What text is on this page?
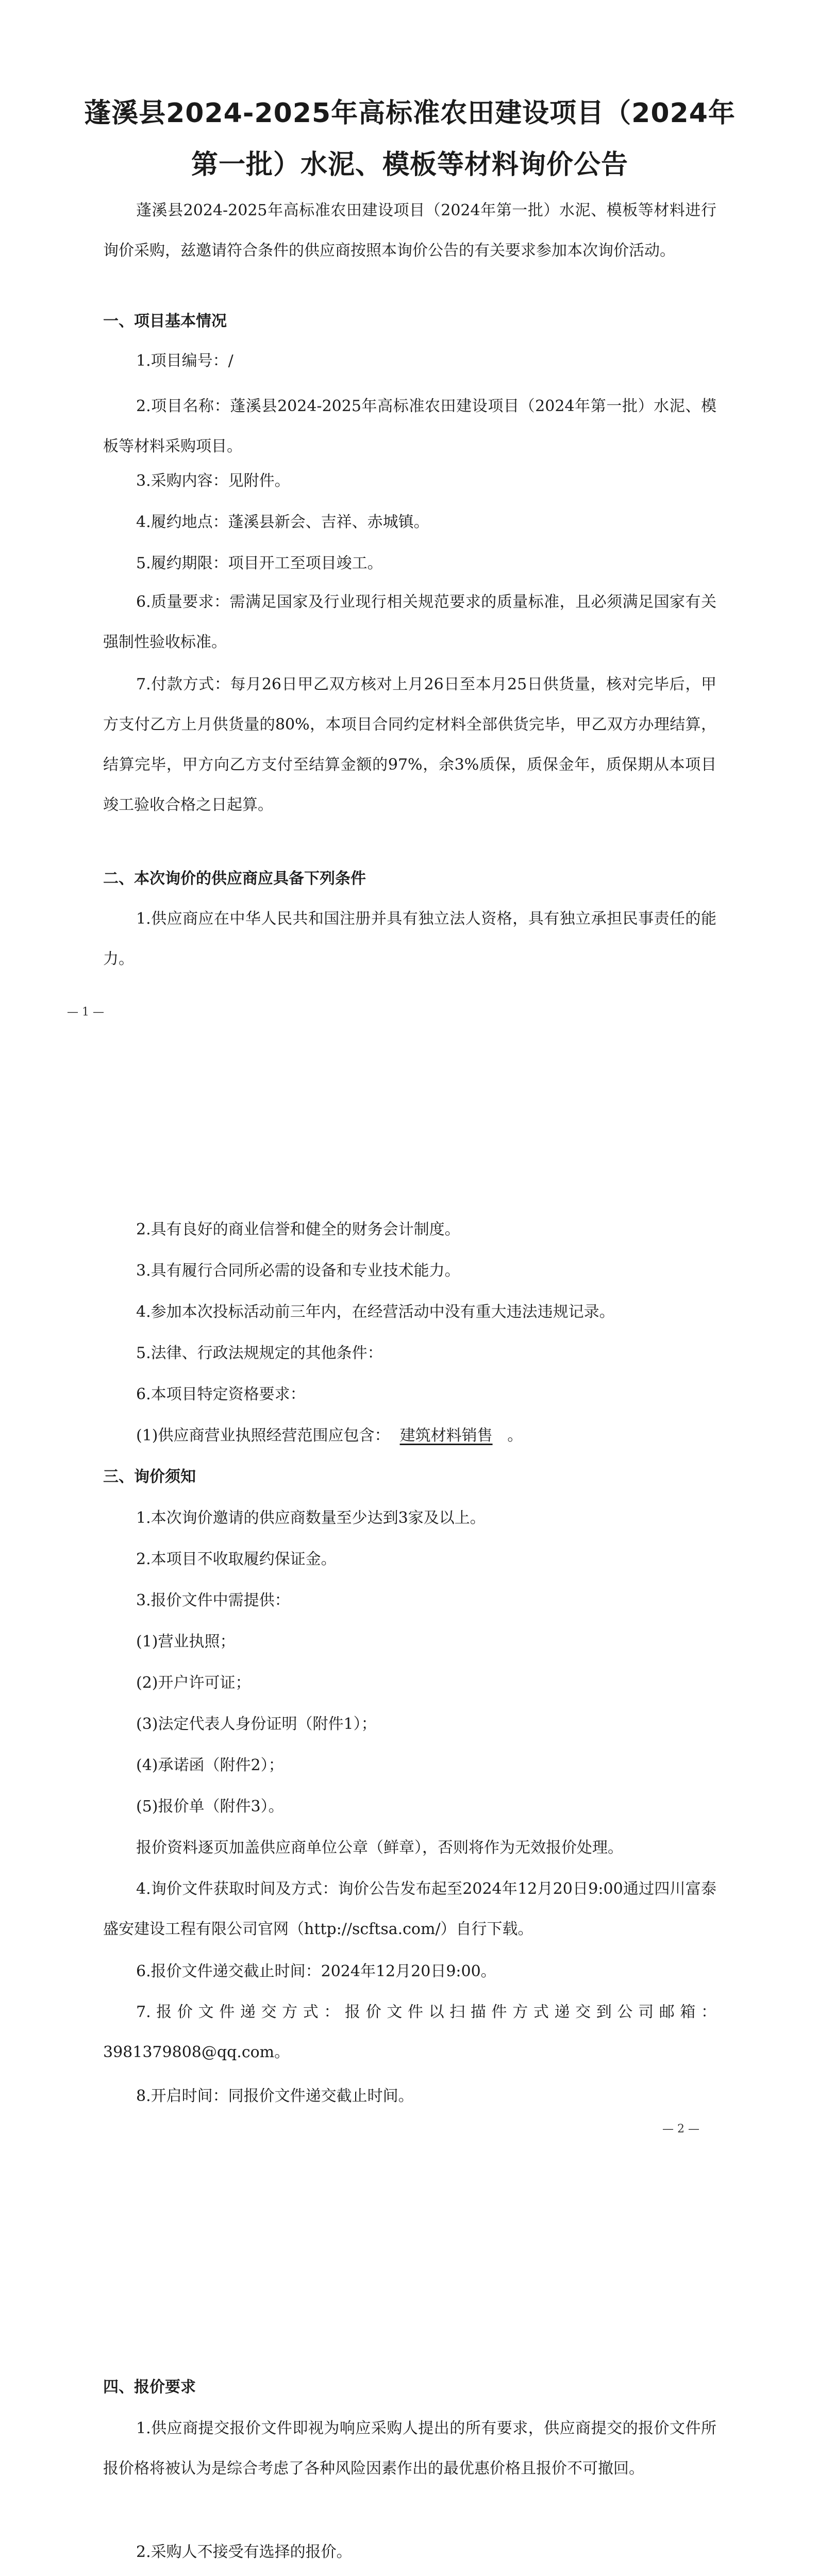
蓬溪县2024-2025年高标准农田建设项目（2024年第一批）水泥、模板等材料询价公告
蓬溪县2024-2025年高标准农田建设项目（2024年第一批）水泥、模板等材料进行询价采购，兹邀请符合条件的供应商按照本询价公告的有关要求参加本次询价活动。
一、项目基本情况
1.项目编号：/
2.项目名称：蓬溪县2024-2025年高标准农田建设项目（2024年第一批）水泥、模板等材料采购项目。
3.采购内容：见附件。
4.履约地点：蓬溪县新会、吉祥、赤城镇。
5.履约期限：项目开工至项目竣工。
6.质量要求：需满足国家及行业现行相关规范要求的质量标准，且必须满足国家有关强制性验收标准。
7.付款方式：每月26日甲乙双方核对上月26日至本月25日供货量，核对完毕后，甲方支付乙方上月供货量的80%，本项目合同约定材料全部供货完毕，甲乙双方办理结算，结算完毕，甲方向乙方支付至结算金额的97%，余3%质保，质保金年，质保期从本项目竣工验收合格之日起算。
二、本次询价的供应商应具备下列条件
1.供应商应在中华人民共和国注册并具有独立法人资格，具有独立承担民事责任的能力。
— 1 —
2.具有良好的商业信誉和健全的财务会计制度。
3.具有履行合同所必需的设备和专业技术能力。
4.参加本次投标活动前三年内，在经营活动中没有重大违法违规记录。
5.法律、行政法规规定的其他条件：
6.本项目特定资格要求：
(1)供应商营业执照经营范围应包含： 建筑材料销售 。
三、询价须知
1.本次询价邀请的供应商数量至少达到3家及以上。
2.本项目不收取履约保证金。
3.报价文件中需提供：
(1)营业执照；
(2)开户许可证；
(3)法定代表人身份证明（附件1）；
(4)承诺函（附件2）；
(5)报价单（附件3）。
报价资料逐页加盖供应商单位公章（鲜章），否则将作为无效报价处理。
4.询价文件获取时间及方式：询价公告发布起至2024年12月20日9:00通过四川富泰盛安建设工程有限公司官网（http://scftsa.com/）自行下载。
6.报价文件递交截止时间：2024年12月20日9:00。
7.报价文件递交方式：报价文件以扫描件方式递交到公司邮箱：3981379808@qq.com。
8.开启时间：同报价文件递交截止时间。
— 2 —
四、报价要求
1.供应商提交报价文件即视为响应采购人提出的所有要求，供应商提交的报价文件所报价格将被认为是综合考虑了各种风险因素作出的最优惠价格且报价不可撤回。
2.采购人不接受有选择的报价。
